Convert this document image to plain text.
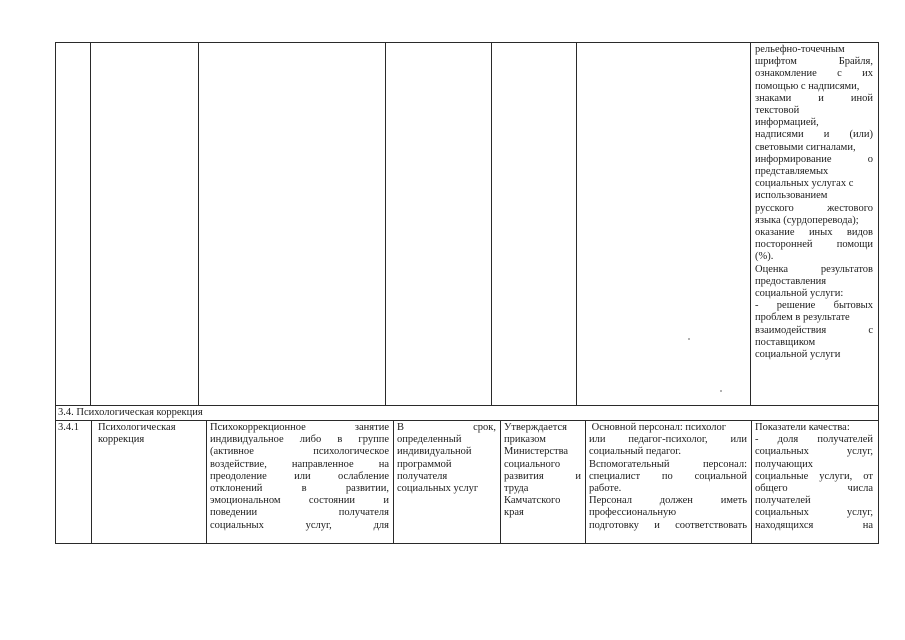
рельефно-точечным
шрифтом Брайля,
ознакомление с их
помощью с надписями,
знаками и иной
текстовой
информацией,
надписями и (или)
световыми сигналами,
информирование о
представляемых
социальных услугах с
использованием
русского жестового
языка (сурдоперевода);
оказание иных видов
посторонней помощи
(%).
Оценка результатов
предоставления
социальной услуги:
- решение бытовых
проблем в результате
взаимодействия с
поставщиком
социальной услуги
3.4. Психологическая коррекция
3.4.1	Психологическая
коррекция
Психокоррекционное занятие
индивидуальное либо в группе
(активное психологическое
воздействие, направленное на
преодоление или ослабление
отклонений в развитии,
эмоциональном состоянии и
поведении получателя
социальных услуг, для
В срок,
определенный
индивидуальной
программой
получателя
социальных услуг
Утверждается
приказом
Министерства
социального
развития и
труда
Камчатского
края
Основной персонал: психолог
или педагог-психолог, или
социальный педагог.
Вспомогательный персонал:
специалист по социальной
работе.
Персонал должен иметь
профессиональную
подготовку и соответствовать
Показатели качества:
- доля получателей
социальных услуг,
получающих
социальные услуги, от
общего числа
получателей
социальных услуг,
находящихся на
